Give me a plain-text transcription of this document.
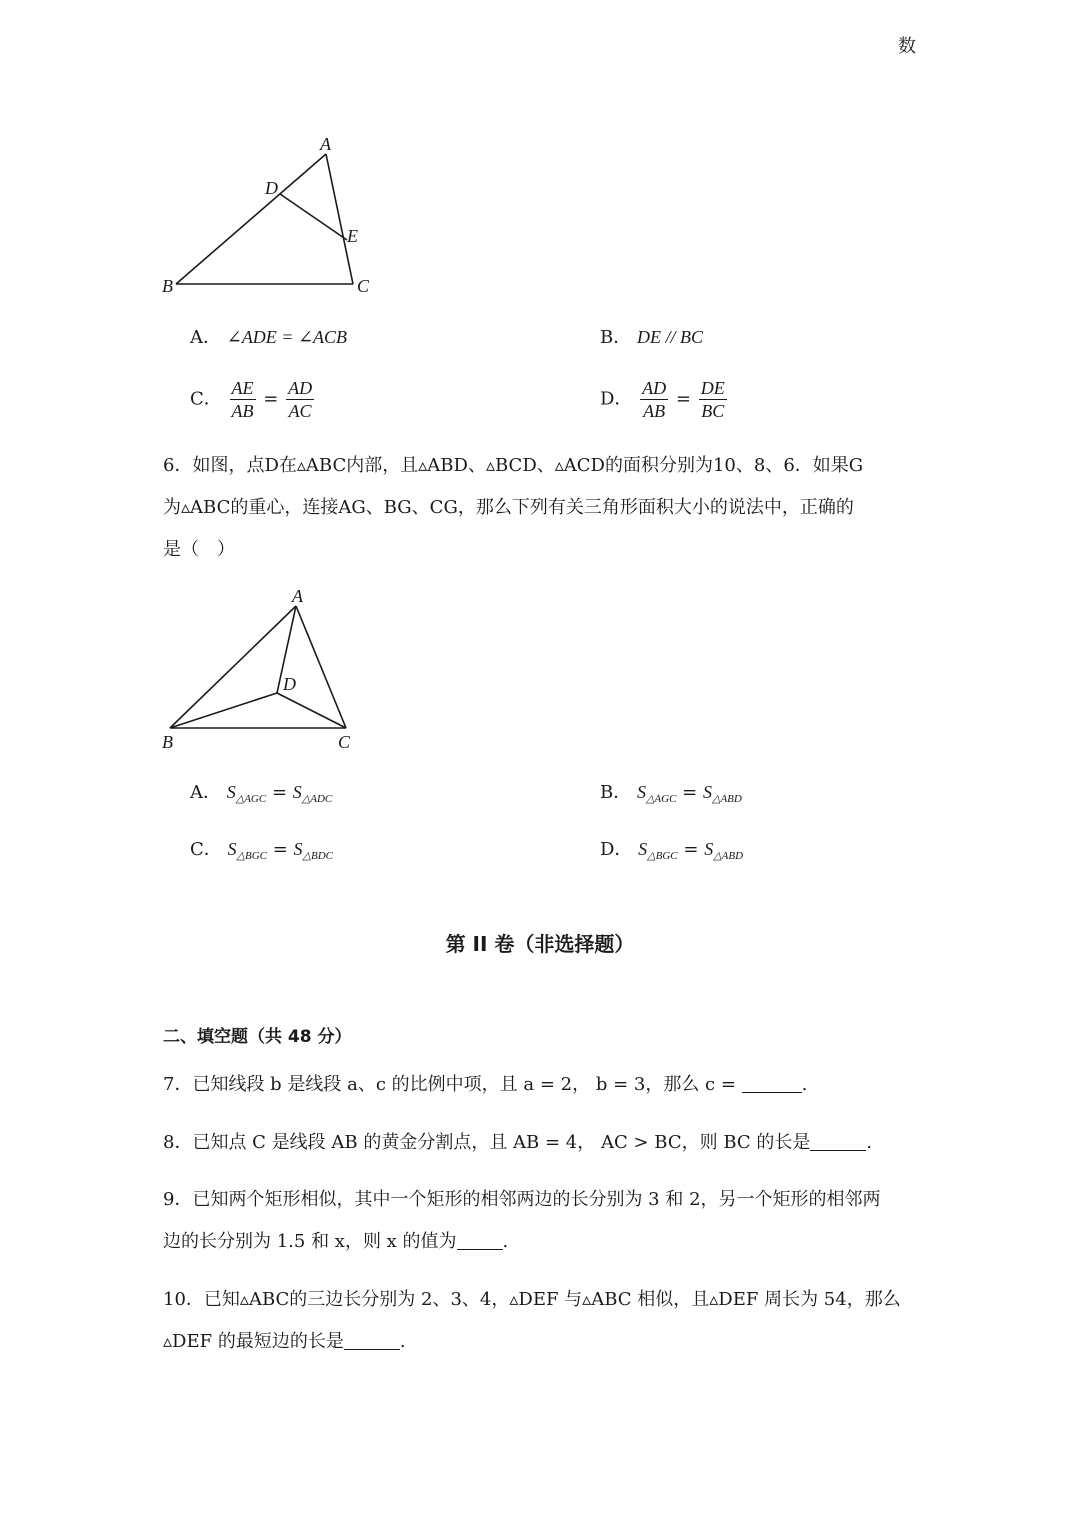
数
A
B	C
D
E
A． ∠ADE = ∠ACB	B． DE // BC
C． $\frac{AE}{AB} = \frac{AD}{AC}$	D． $\frac{AD}{AB} = \frac{DE}{BC}$
6．如图，点D在▵ABC内部，且▵ABD、▵BCD、▵ACD的面积分别为10、8、6．如果G
为▵ABC的重心，连接AG、BG、CG，那么下列有关三角形面积大小的说法中，正确的
是（　）
A
B	C
D
A． $S_{\triangle AGC} = S_{\triangle ADC}$	B． $S_{\triangle AGC} = S_{\triangle ABD}$
C． $S_{\triangle BGC} = S_{\triangle BDC}$	D． $S_{\triangle BGC} = S_{\triangle ABD}$
第 II 卷（非选择题）
二、填空题（共 48 分）
7．已知线段 b 是线段 a、c 的比例中项，且 a = 2， b = 3，那么 c =	.
8．已知点 C 是线段 AB 的黄金分割点，且 AB = 4， AC > BC，则 BC 的长是	.
9．已知两个矩形相似，其中一个矩形的相邻两边的长分别为 3 和 2，另一个矩形的相邻两
边的长分别为 1.5 和 x，则 x 的值为	.
10．已知▵ABC的三边长分别为 2、3、4，▵DEF 与▵ABC 相似，且▵DEF 周长为 54，那么
▵DEF 的最短边的长是	.
